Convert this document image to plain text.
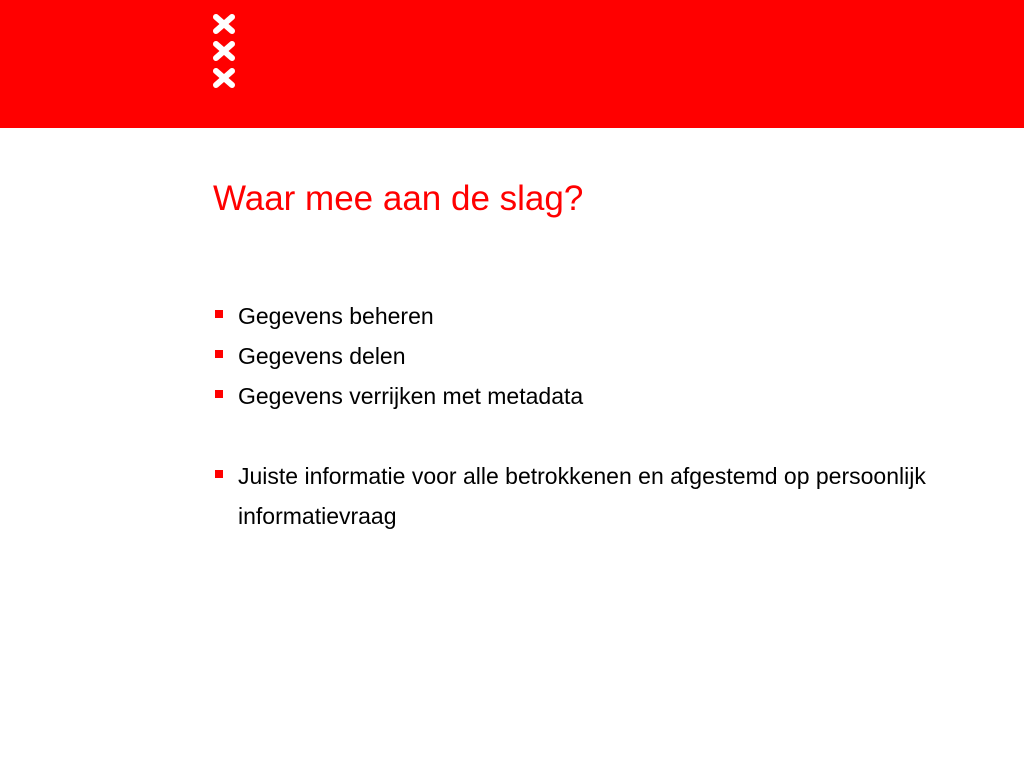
Waar mee aan de slag?
Gegevens beheren
Gegevens delen
Gegevens verrijken met metadata
Juiste informatie voor alle betrokkenen en afgestemd op persoonlijk informatievraag
